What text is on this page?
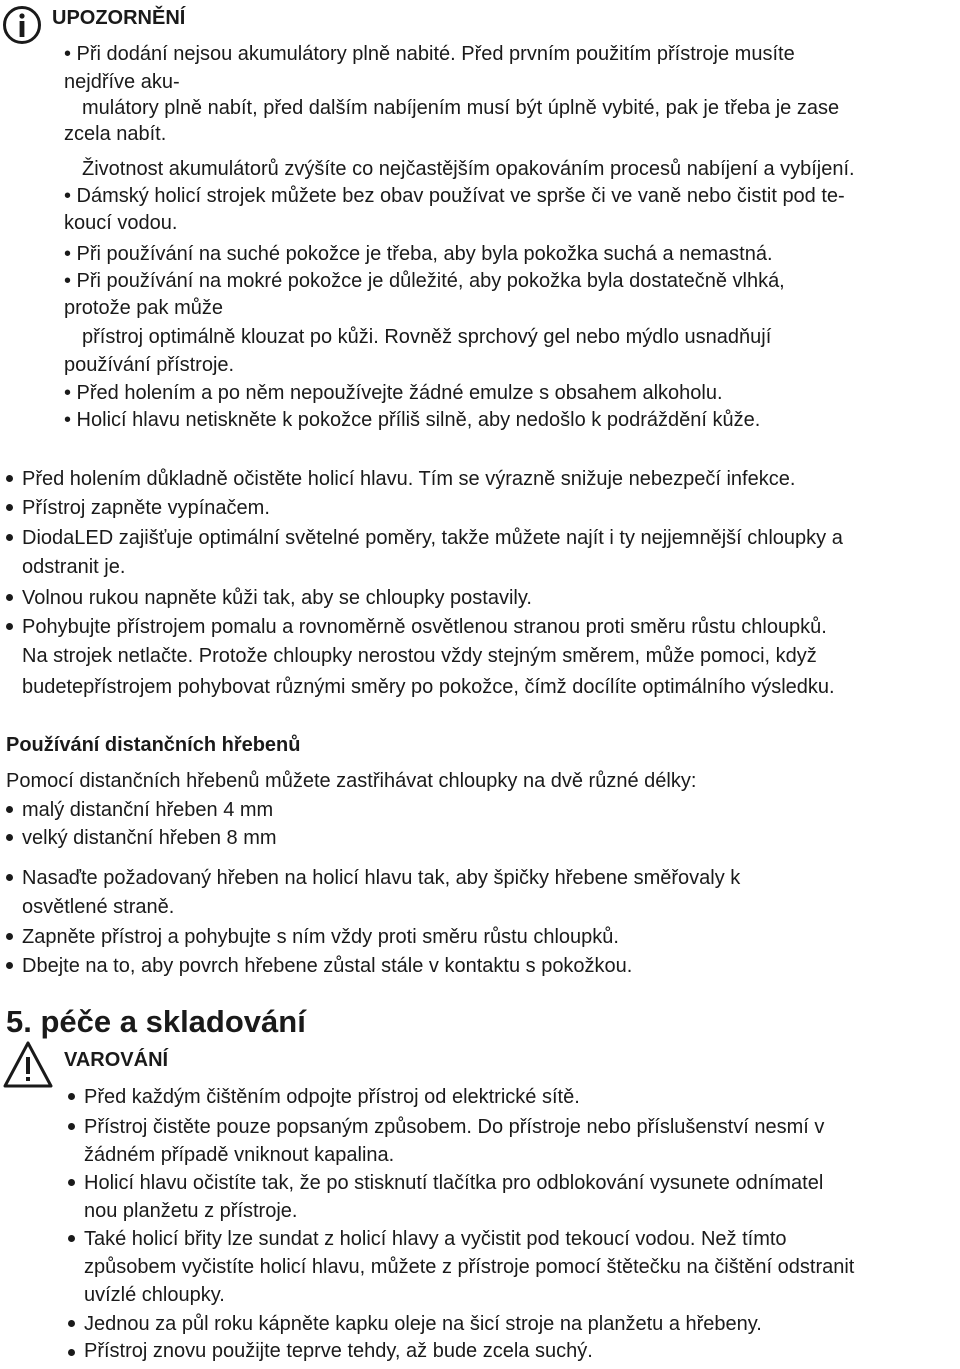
UPOZORNĚNÍ
• Při dodání nejsou akumulátory plně nabité. Před prvním použitím přístroje musíte
nejdříve aku-
mulátory plně nabít, před dalším nabíjením musí být úplně vybité, pak je třeba je zase
zcela nabít.
Životnost akumulátorů zvýšíte co nejčastějším opakováním procesů nabíjení a vybíjení.
• Dámský holicí strojek můžete bez obav používat ve sprše či ve vaně nebo čistit pod te-
koucí vodou.
• Při používání na suché pokožce je třeba, aby byla pokožka suchá a nemastná.
• Při používání na mokré pokožce je důležité, aby pokožka byla dostatečně vlhká,
protože pak může
přístroj optimálně klouzat po kůži. Rovněž sprchový gel nebo mýdlo usnadňují
používání přístroje.
• Před holením a po něm nepoužívejte žádné emulze s obsahem alkoholu.
• Holicí hlavu netiskněte k pokožce příliš silně, aby nedošlo k podráždění kůže.
Před holením důkladně očistěte holicí hlavu. Tím se výrazně snižuje nebezpečí infekce.
Přístroj zapněte vypínačem.
DiodaLED zajišťuje optimální světelné poměry, takže můžete najít i ty nejjemnější chloupky a
odstranit je.
Volnou rukou napněte kůži tak, aby se chloupky postavily.
Pohybujte přístrojem pomalu a rovnoměrně osvětlenou stranou proti směru růstu chloupků.
Na strojek netlačte. Protože chloupky nerostou vždy stejným směrem, může pomoci, když
budetepřístrojem pohybovat různými směry po pokožce, čímž docílíte optimálního výsledku.
Používání distančních hřebenů
Pomocí distančních hřebenů můžete zastřihávat chloupky na dvě různé délky:
malý distanční hřeben 4 mm
velký distanční hřeben 8 mm
Nasaďte požadovaný hřeben na holicí hlavu tak, aby špičky hřebene směřovaly k
osvětlené straně.
Zapněte přístroj a pohybujte s ním vždy proti směru růstu chloupků.
Dbejte na to, aby povrch hřebene zůstal stále v kontaktu s pokožkou.
5. péče a skladování
VAROVÁNÍ
Před každým čištěním odpojte přístroj od elektrické sítě.
Přístroj čistěte pouze popsaným způsobem. Do přístroje nebo příslušenství nesmí v
žádném případě vniknout kapalina.
Holicí hlavu očistíte tak, že po stisknutí tlačítka pro odblokování vysunete odnímatel
nou planžetu z přístroje.
Také holicí břity lze sundat z holicí hlavy a vyčistit pod tekoucí vodou. Než tímto
způsobem vyčistíte holicí hlavu, můžete z přístroje pomocí štětečku na čištění odstranit
uvízlé chloupky.
Jednou za půl roku kápněte kapku oleje na šicí stroje na planžetu a hřebeny.
Přístroj znovu použijte teprve tehdy, až bude zcela suchý.
